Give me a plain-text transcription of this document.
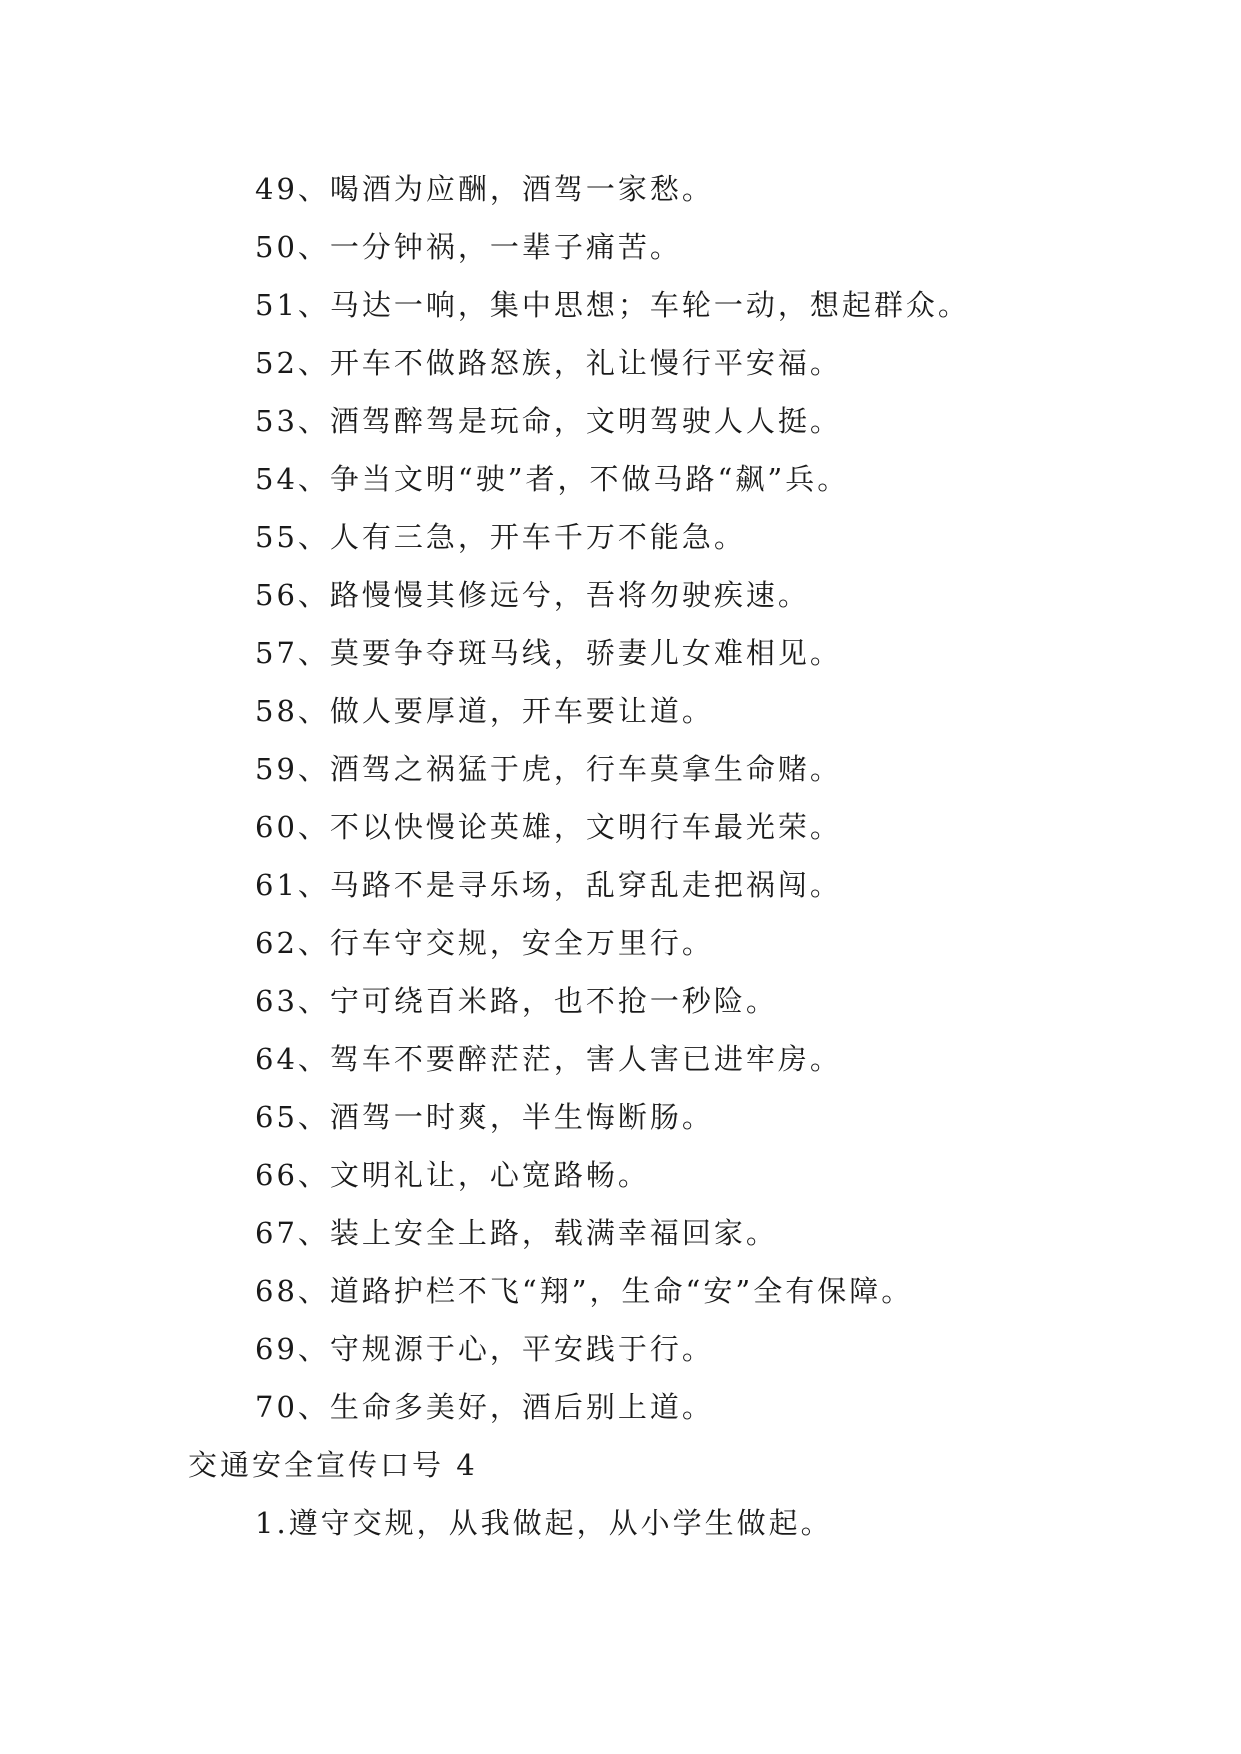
49、喝酒为应酬，酒驾一家愁。
50、一分钟祸，一辈子痛苦。
51、马达一响，集中思想；车轮一动，想起群众。
52、开车不做路怒族，礼让慢行平安福。
53、酒驾醉驾是玩命，文明驾驶人人挺。
54、争当文明“驶”者，不做马路“飙”兵。
55、人有三急，开车千万不能急。
56、路慢慢其修远兮，吾将勿驶疾速。
57、莫要争夺斑马线，骄妻儿女难相见。
58、做人要厚道，开车要让道。
59、酒驾之祸猛于虎，行车莫拿生命赌。
60、不以快慢论英雄，文明行车最光荣。
61、马路不是寻乐场，乱穿乱走把祸闯。
62、行车守交规，安全万里行。
63、宁可绕百米路，也不抢一秒险。
64、驾车不要醉茫茫，害人害已进牢房。
65、酒驾一时爽，半生悔断肠。
66、文明礼让，心宽路畅。
67、装上安全上路，载满幸福回家。
68、道路护栏不飞“翔”，生命“安”全有保障。
69、守规源于心，平安践于行。
70、生命多美好，酒后别上道。
交通安全宣传口号 4
1.遵守交规，从我做起，从小学生做起。
